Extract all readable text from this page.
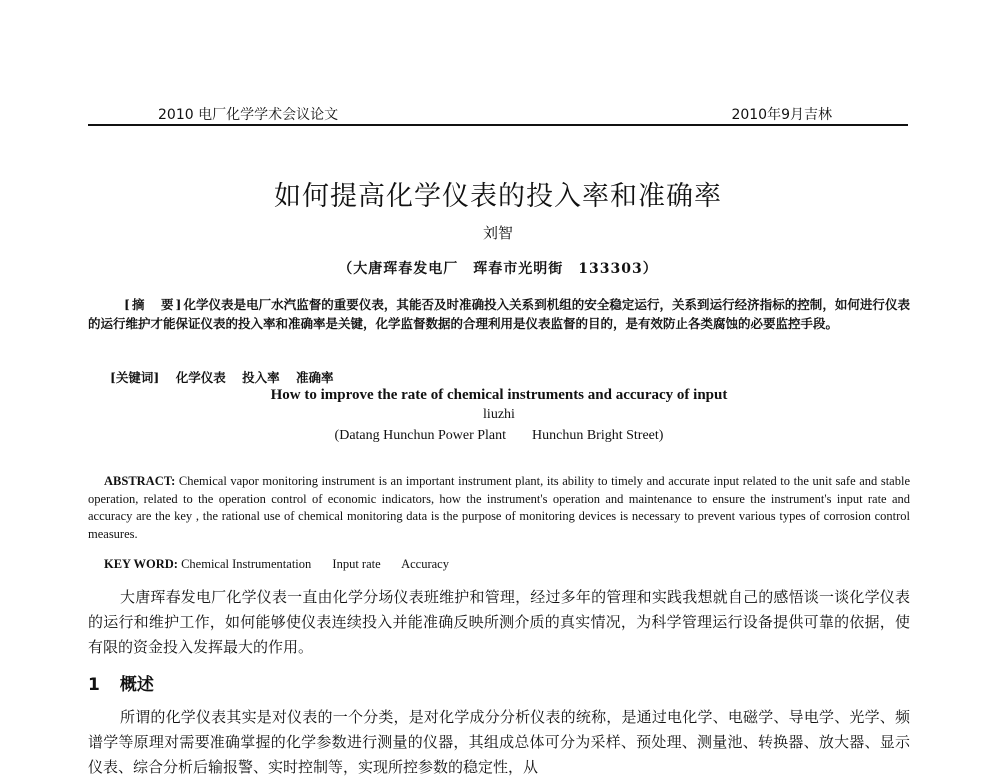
2010 电厂化学学术会议论文	2010年9月吉林
如何提高化学仪表的投入率和准确率
刘智
（大唐珲春发电厂　珲春市光明街　133303）
[摘　要]化学仪表是电厂水汽监督的重要仪表，其能否及时准确投入关系到机组的安全稳定运行，关系到运行经济指标的控制，如何进行仪表的运行维护才能保证仪表的投入率和准确率是关键，化学监督数据的合理利用是仪表监督的目的，是有效防止各类腐蚀的必要监控手段。
[关键词] 化学仪表 投入率 准确率
How to improve the rate of chemical instruments and accuracy of input
liuzhi
(Datang Hunchun Power Plant Hunchun Bright Street)
ABSTRACT: Chemical vapor monitoring instrument is an important instrument plant, its ability to timely and accurate input related to the unit safe and stable operation, related to the operation control of economic indicators, how the instrument's operation and maintenance to ensure the instrument's input rate and accuracy are the key , the rational use of chemical monitoring data is the purpose of monitoring devices is necessary to prevent various types of corrosion control measures.
KEY WORD: Chemical Instrumentation Input rate Accuracy
大唐珲春发电厂化学仪表一直由化学分场仪表班维护和管理，经过多年的管理和实践我想就自己的感悟谈一谈化学仪表的运行和维护工作，如何能够使仪表连续投入并能准确反映所测介质的真实情况，为科学管理运行设备提供可靠的依据，使有限的资金投入发挥最大的作用。
1 概述
所谓的化学仪表其实是对仪表的一个分类，是对化学成分分析仪表的统称，是通过电化学、电磁学、导电学、光学、频谱学等原理对需要准确掌握的化学参数进行测量的仪器，其组成总体可分为采样、预处理、测量池、转换器、放大器、显示仪表、综合分析后输报警、实时控制等，实现所控参数的稳定性，从
